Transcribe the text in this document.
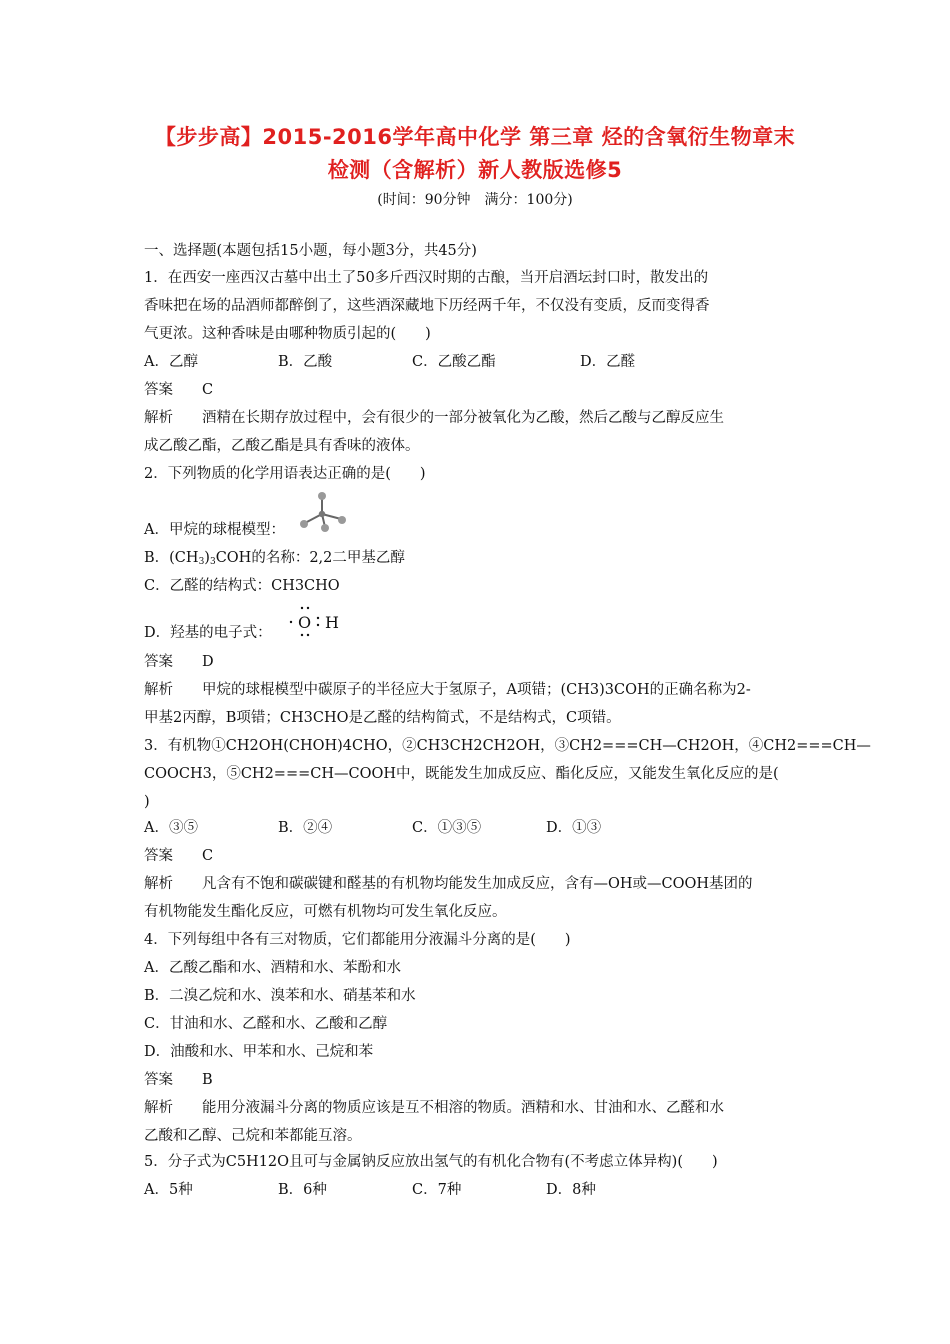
【步步高】2015-2016学年高中化学 第三章 烃的含氧衍生物章末
检测（含解析）新人教版选修5
(时间：90分钟　满分：100分)
一、选择题(本题包括15小题，每小题3分，共45分)
1．在西安一座西汉古墓中出土了50多斤西汉时期的古酿，当开启酒坛封口时，散发出的
香味把在场的品酒师都醉倒了，这些酒深藏地下历经两千年，不仅没有变质，反而变得香
气更浓。这种香味是由哪种物质引起的(　　)
A．乙醇	B．乙酸	C．乙酸乙酯	D．乙醛
答案 C
解析 酒精在长期存放过程中，会有很少的一部分被氧化为乙酸，然后乙酸与乙醇反应生
成乙酸乙酯，乙酸乙酯是具有香味的液体。
2．下列物质的化学用语表达正确的是(　　)
A．甲烷的球棍模型：
B．$(CH_3)_3COH$的名称：2,2二甲基乙醇
C．乙醛的结构式：CH3CHO
D．羟基的电子式：
O H
答案 D
解析 甲烷的球棍模型中碳原子的半径应大于氢原子，A项错；(CH3)3COH的正确名称为2-
甲基2丙醇，B项错；CH3CHO是乙醛的结构简式，不是结构式，C项错。
3．有机物①CH2OH(CHOH)4CHO，②CH3CH2CH2OH，③CH2===CH—CH2OH，④CH2===CH—
COOCH3，⑤CH2===CH—COOH中，既能发生加成反应、酯化反应，又能发生氧化反应的是(
)
A．③⑤	B．②④	C．①③⑤	D．①③
答案 C
解析 凡含有不饱和碳碳键和醛基的有机物均能发生加成反应，含有—OH或—COOH基团的
有机物能发生酯化反应，可燃有机物均可发生氧化反应。
4．下列每组中各有三对物质，它们都能用分液漏斗分离的是(　　)
A．乙酸乙酯和水、酒精和水、苯酚和水
B．二溴乙烷和水、溴苯和水、硝基苯和水
C．甘油和水、乙醛和水、乙酸和乙醇
D．油酸和水、甲苯和水、己烷和苯
答案 B
解析 能用分液漏斗分离的物质应该是互不相溶的物质。酒精和水、甘油和水、乙醛和水
乙酸和乙醇、己烷和苯都能互溶。
5．分子式为C5H12O且可与金属钠反应放出氢气的有机化合物有(不考虑立体异构)(　　)
A．5种	B．6种	C．7种	D．8种
